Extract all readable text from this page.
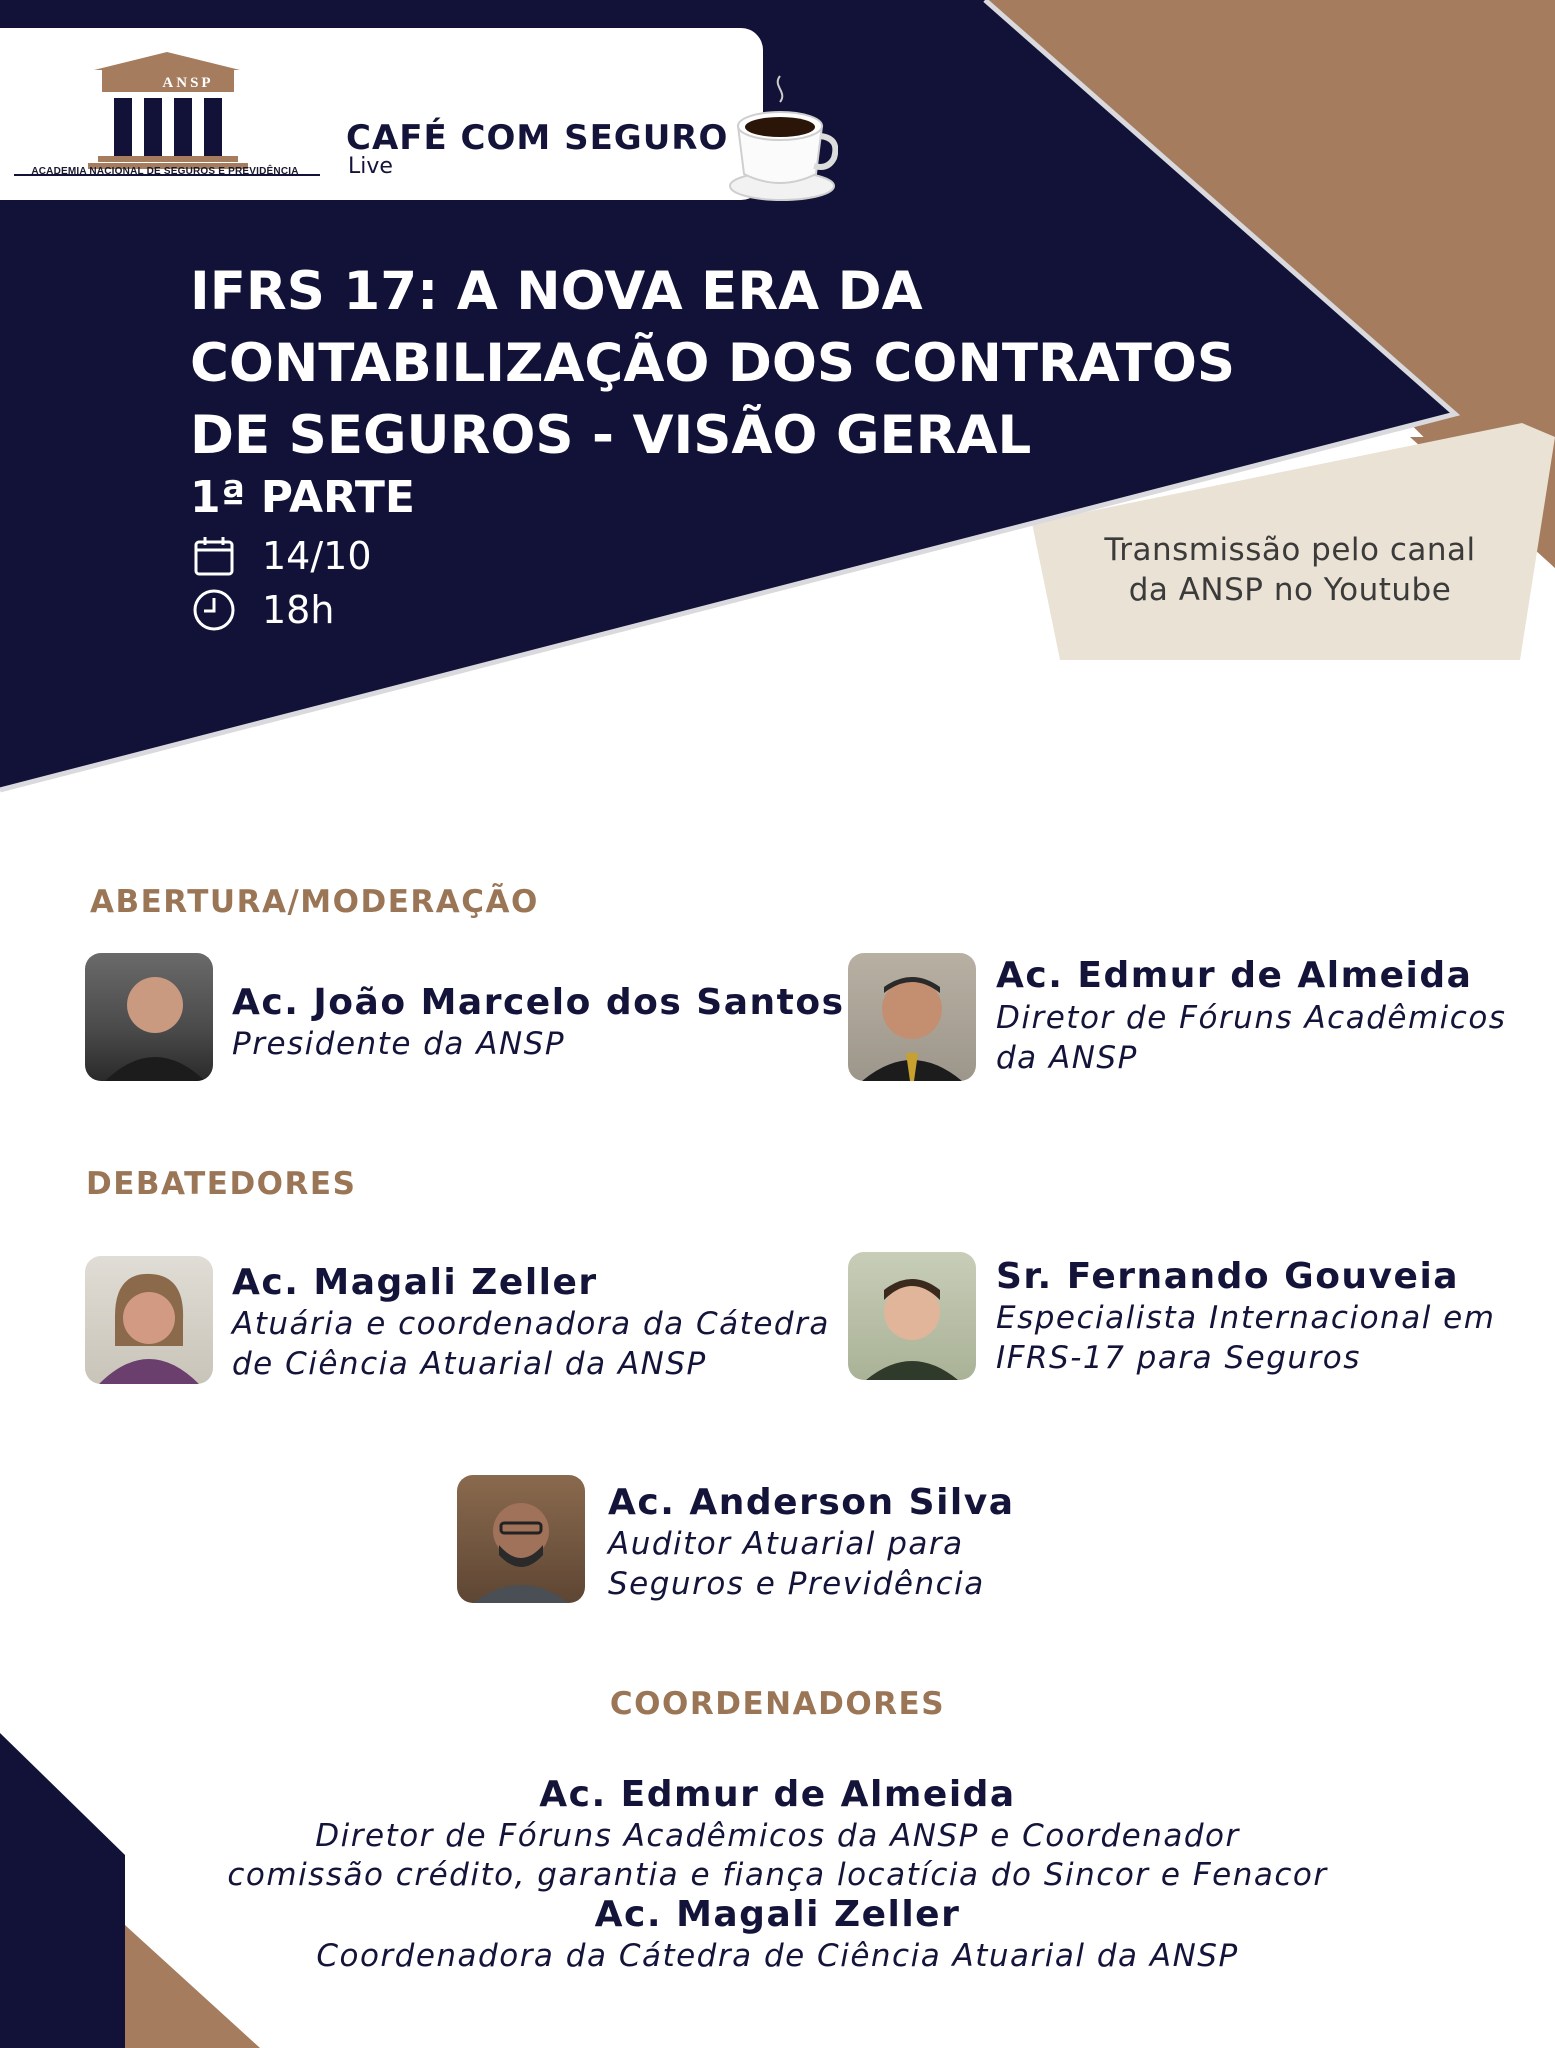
ANSP
ACADEMIA NACIONAL DE SEGUROS E PREVIDÊNCIA
CAFÉ COM SEGURO
Live
IFRS 17: A NOVA ERA DA
CONTABILIZAÇÃO DOS CONTRATOS
DE SEGUROS - VISÃO GERAL
1ª PARTE
14/10
18h
Transmissão pelo canal
da ANSP no Youtube
ABERTURA/MODERAÇÃO
Ac. João Marcelo dos Santos
Presidente da ANSP
Ac. Edmur de Almeida
Diretor de Fóruns Acadêmicos
da ANSP
DEBATEDORES
Ac. Magali Zeller
Atuária e coordenadora da Cátedra
de Ciência Atuarial da ANSP
Sr. Fernando Gouveia
Especialista Internacional em
IFRS-17 para Seguros
Ac. Anderson Silva
Auditor Atuarial para
Seguros e Previdência
COORDENADORES
Ac. Edmur de Almeida
Diretor de Fóruns Acadêmicos da ANSP e Coordenador
comissão crédito, garantia e fiança locatícia do Sincor e Fenacor
Ac. Magali Zeller
Coordenadora da Cátedra de Ciência Atuarial da ANSP
